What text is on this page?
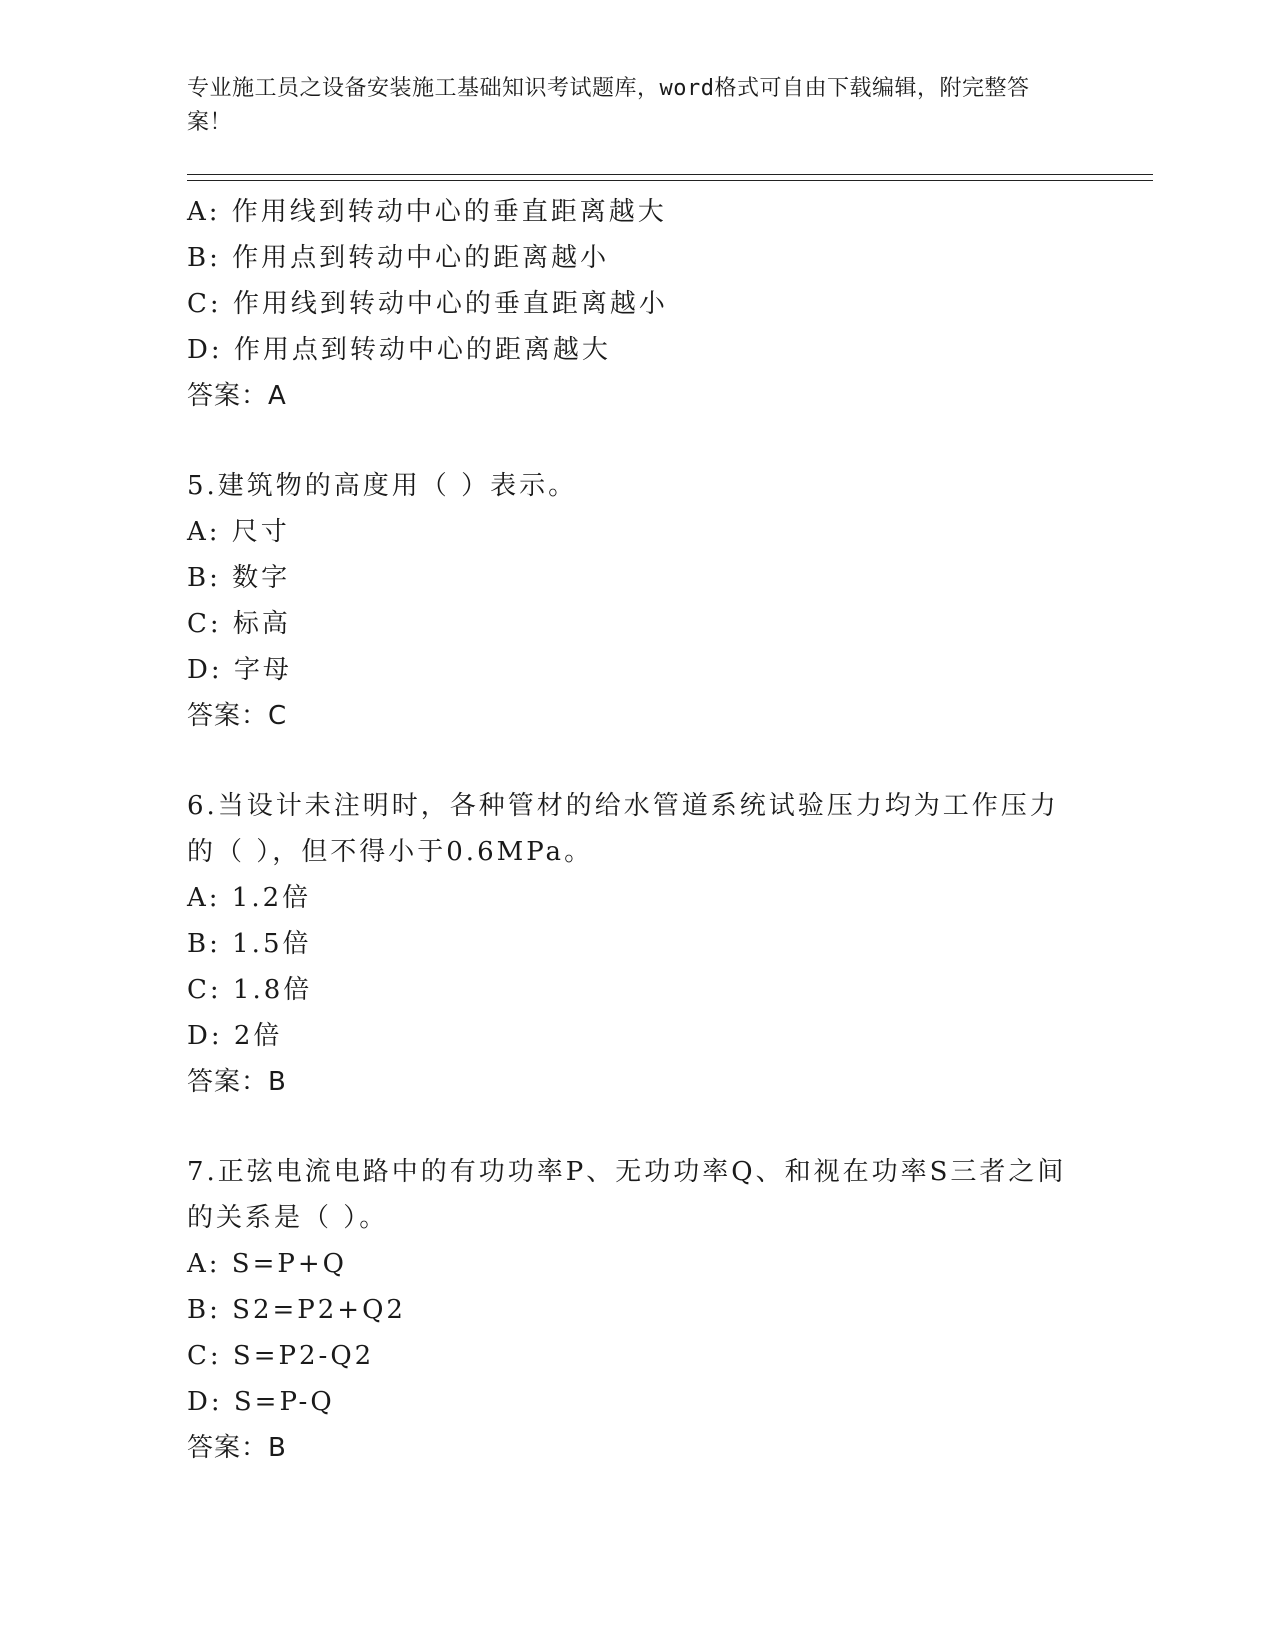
专业施工员之设备安装施工基础知识考试题库，word格式可自由下载编辑，附完整答案！
A: 作用线到转动中心的垂直距离越大
B: 作用点到转动中心的距离越小
C: 作用线到转动中心的垂直距离越小
D: 作用点到转动中心的距离越大
答案：A
5.建筑物的高度用（ ）表示。
A: 尺寸
B: 数字
C: 标高
D: 字母
答案：C
6.当设计未注明时，各种管材的给水管道系统试验压力均为工作压力
的（ ），但不得小于0.6MPa。
A: 1.2倍
B: 1.5倍
C: 1.8倍
D: 2倍
答案：B
7.正弦电流电路中的有功功率P、无功功率Q、和视在功率S三者之间
的关系是（ ）。
A: S=P+Q
B: S2=P2+Q2
C: S=P2-Q2
D: S=P-Q
答案：B
